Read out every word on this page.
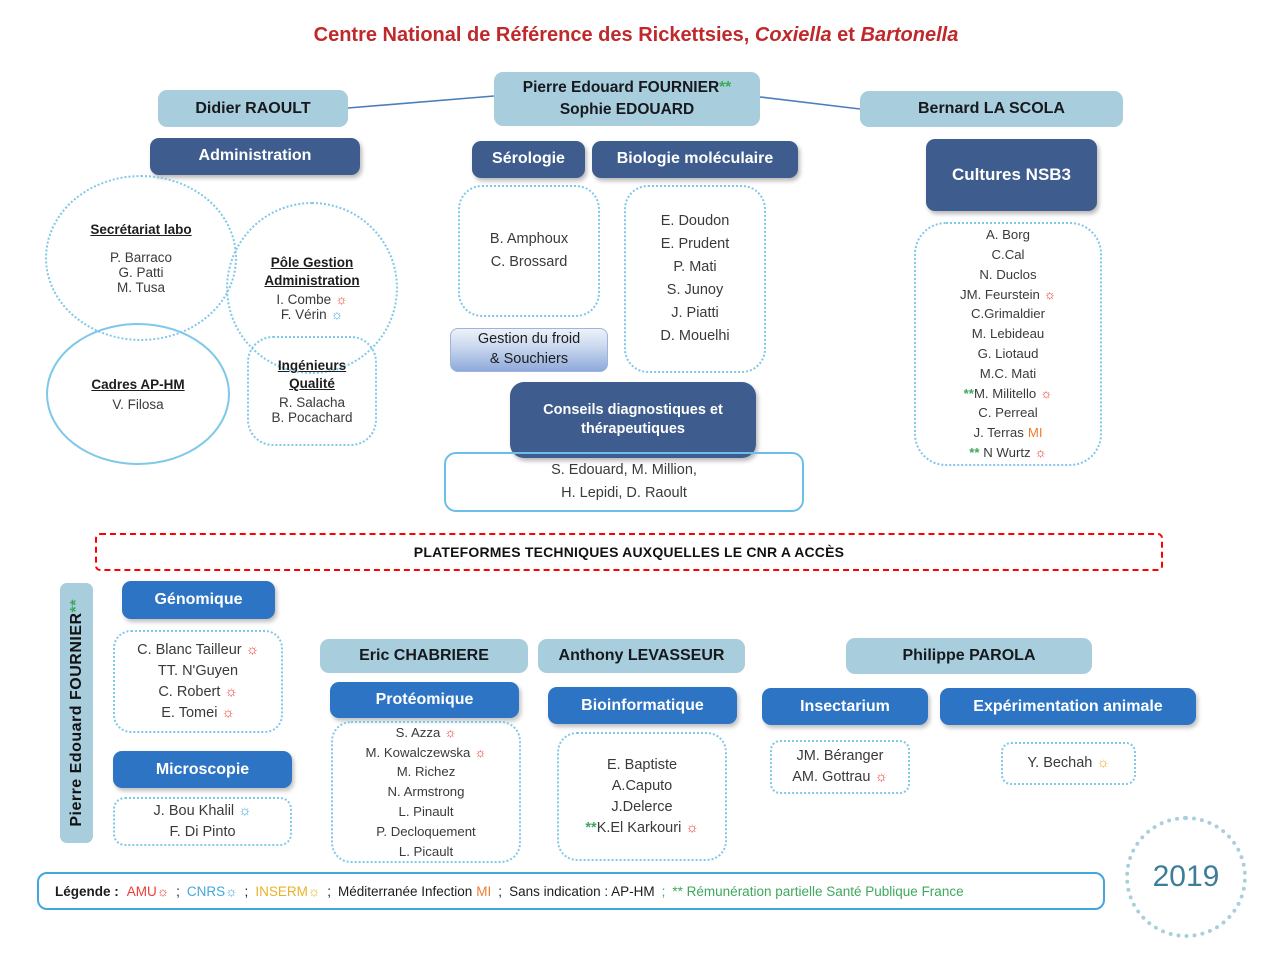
Centre National de Référence des Rickettsies, Coxiella et Bartonella
Didier RAOULT
Pierre Edouard FOURNIER**
Sophie EDOUARD	Bernard LA SCOLA
Administration
Secrétariat labo
P. Barraco
G. Patti
M. Tusa
Pôle Gestion
Administration
I. Combe ☼
F. Vérin ☼
Cadres AP-HM
V. Filosa
Ingénieurs
Qualité
R. Salacha
B. Pocachard
Sérologie
B. Amphoux
C. Brossard
Biologie moléculaire
E. Doudon
E. Prudent
P. Mati
S. Junoy
J. Piatti
D. Mouelhi
Gestion du froid
& Souchiers
Conseils diagnostiques et
thérapeutiques
S. Edouard, M. Million,
H. Lepidi, D. Raoult
Cultures NSB3
A. Borg
C.Cal
N. Duclos
JM. Feurstein ☼
C.Grimaldier
M. Lebideau
G. Liotaud
M.C. Mati
**M. Militello ☼
C. Perreal
J. Terras MI
** N Wurtz ☼
PLATEFORMES TECHNIQUES AUXQUELLES LE CNR A ACCÈS
Pierre Edouard FOURNIER**	Génomique
C. Blanc Tailleur ☼
TT. N'Guyen
C. Robert ☼
E. Tomei ☼
Microscopie
J. Bou Khalil ☼
F. Di Pinto
Eric CHABRIERE
Protéomique
S. Azza ☼
M. Kowalczewska ☼
M. Richez
N. Armstrong
L. Pinault
P. Decloquement
L. Picault
Anthony LEVASSEUR
Bioinformatique
E. Baptiste
A.Caputo
J.Delerce
**K.El Karkouri ☼
Philippe PAROLA
Insectarium
JM. Béranger
AM. Gottrau ☼
Expérimentation animale
Y. Bechah ☼
Légende : AMU ☼ ; CNRS ☼ ; INSERM ☼ ; Méditerranée Infection MI ; Sans indication : AP-HM ; ** Rémunération partielle Santé Publique France	2019
